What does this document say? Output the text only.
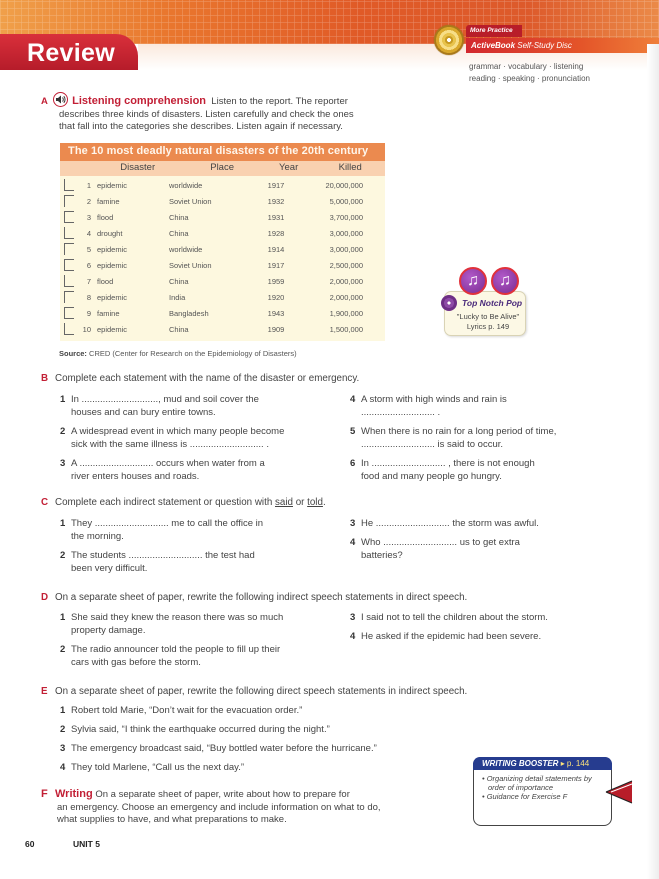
Review
More Practice
ActiveBook Self-Study Disc
grammar · vocabulary · listening
reading · speaking · pronunciation
A Listening comprehension Listen to the report. The reporter
describes three kinds of disasters. Listen carefully and check the ones
that fall into the categories she describes. Listen again if necessary.
The 10 most deadly natural disasters of the 20th century
Disaster	Place	Year	Killed
1 epidemic	worldwide	1917	20,000,000
2 famine	Soviet Union	1932	5,000,000
3 flood	China	1931	3,700,000
4 drought	China	1928	3,000,000
5 epidemic	worldwide	1914	3,000,000
6 epidemic	Soviet Union	1917	2,500,000
7 flood	China	1959	2,000,000
8 epidemic	India	1920	2,000,000
9 famine	Bangladesh	1943	1,900,000
10 epidemic	China	1909	1,500,000
Source: CRED (Center for Research on the Epidemiology of Disasters)
♫	♫
Top Notch Pop
"Lucky to Be Alive"
Lyrics p. 149
B Complete each statement with the name of the disaster or emergency.
1 In ............................., mud and soil cover the
houses and can bury entire towns.
2 A widespread event in which many people become
sick with the same illness is ............................ .
3 A ............................ occurs when water from a
river enters houses and roads.
4 A storm with high winds and rain is
............................ .
5 When there is no rain for a long period of time,
............................ is said to occur.
6 In ............................ , there is not enough
food and many people go hungry.
C Complete each indirect statement or question with said or told.
1 They ............................ me to call the office in
the morning.
2 The students ............................ the test had
been very difficult.
3 He ............................ the storm was awful.
4 Who ............................ us to get extra
batteries?
D On a separate sheet of paper, rewrite the following indirect speech statements in direct speech.
1 She said they knew the reason there was so much
property damage.
2 The radio announcer told the people to fill up their
cars with gas before the storm.
3 I said not to tell the children about the storm.
4 He asked if the epidemic had been severe.
E On a separate sheet of paper, rewrite the following direct speech statements in indirect speech.
1 Robert told Marie, “Don’t wait for the evacuation order.”
2 Sylvia said, “I think the earthquake occurred during the night.”
3 The emergency broadcast said, “Buy bottled water before the hurricane.”
4 They told Marlene, “Call us the next day.”
F Writing On a separate sheet of paper, write about how to prepare for
an emergency. Choose an emergency and include information on what to do,
what supplies to have, and what preparations to make.
WRITING BOOSTER ▸ p. 144
• Organizing detail statements by order of importance
• Guidance for Exercise F
60	UNIT 5
